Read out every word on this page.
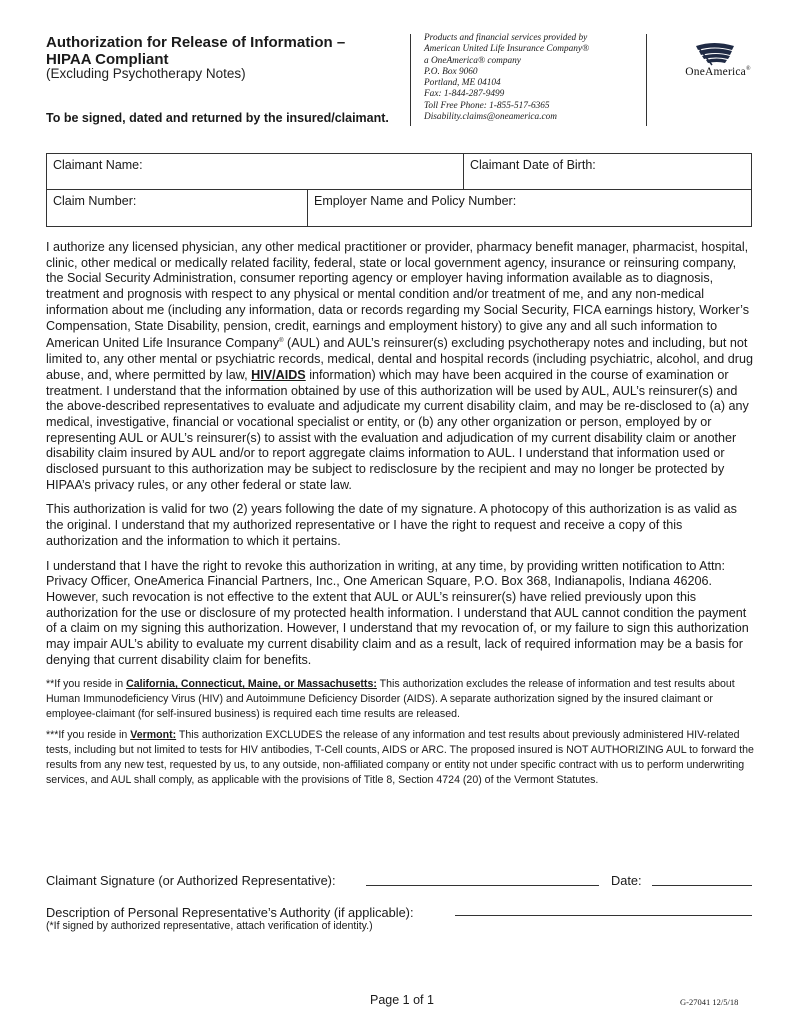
Authorization for Release of Information –
HIPAA Compliant
(Excluding Psychotherapy Notes)
To be signed, dated and returned by the insured/claimant.
Products and financial services provided by
American United Life Insurance Company®
a OneAmerica® company
P.O. Box 9060
Portland, ME 04104
Fax: 1-844-287-9499
Toll Free Phone: 1-855-517-6365
Disability.claims@oneamerica.com
OneAmerica®
Claimant Name:	Claimant Date of Birth:
Claim Number:	Employer Name and Policy Number:

I authorize any licensed physician, any other medical practitioner or provider, pharmacy benefit manager, pharmacist, hospital, clinic, other medical or medically related facility, federal, state or local government agency, insurance or reinsuring company, the Social Security Administration, consumer reporting agency or employer having information available as to diagnosis, treatment and prognosis with respect to any physical or mental condition and/or treatment of me, and any non-medical information about me (including any information, data or records regarding my Social Security, FICA earnings history, Worker’s Compensation, State Disability, pension, credit, earnings and employment history) to give any and all such information to American United Life Insurance Company® (AUL) and AUL’s reinsurer(s) excluding psychotherapy notes and including, but not limited to, any other mental or psychiatric records, medical, dental and hospital records (including psychiatric, alcohol, and drug abuse, and, where permitted by law, HIV/AIDS information) which may have been acquired in the course of examination or treatment. I understand that the information obtained by use of this authorization will be used by AUL, AUL’s reinsurer(s) and the above-described representatives to evaluate and adjudicate my current disability claim, and may be re-disclosed to (a) any medical, investigative, financial or vocational specialist or entity, or (b) any other organization or person, employed by or representing AUL or AUL’s reinsurer(s) to assist with the evaluation and adjudication of my current disability claim or another disability claim insured by AUL and/or to report aggregate claims information to AUL. I understand that information used or disclosed pursuant to this authorization may be subject to redisclosure by the recipient and may no longer be protected by HIPAA’s privacy rules, or any other federal or state law.

This authorization is valid for two (2) years following the date of my signature. A photocopy of this authorization is as valid as the original. I understand that my authorized representative or I have the right to request and receive a copy of this authorization and the information to which it pertains.

I understand that I have the right to revoke this authorization in writing, at any time, by providing written notification to Attn: Privacy Officer, OneAmerica Financial Partners, Inc., One American Square, P.O. Box 368, Indianapolis, Indiana 46206. However, such revocation is not effective to the extent that AUL or AUL’s reinsurer(s) have relied previously upon this authorization for the use or disclosure of my protected health information. I understand that AUL cannot condition the payment of a claim on my signing this authorization. However, I understand that my revocation of, or my failure to sign this authorization may impair AUL’s ability to evaluate my current disability claim and as a result, lack of required information may be a basis for denying that current disability claim for benefits.

**If you reside in California, Connecticut, Maine, or Massachusetts: This authorization excludes the release of information and test results about Human Immunodeficiency Virus (HIV) and Autoimmune Deficiency Disorder (AIDS). A separate authorization signed by the insured claimant or employee-claimant (for self-insured business) is required each time results are released.

***If you reside in Vermont: This authorization EXCLUDES the release of any information and test results about previously administered HIV-related tests, including but not limited to tests for HIV antibodies, T-Cell counts, AIDS or ARC. The proposed insured is NOT AUTHORIZING AUL to forward the results from any new test, requested by us, to any outside, non-affiliated company or entity not under specific contract with us to perform underwriting services, and AUL shall comply, as applicable with the provisions of Title 8, Section 4724 (20) of the Vermont Statutes.

Claimant Signature (or Authorized Representative):	Date:
Description of Personal Representative’s Authority (if applicable):
(*If signed by authorized representative, attach verification of identity.)
Page 1 of 1	G-27041 12/5/18
